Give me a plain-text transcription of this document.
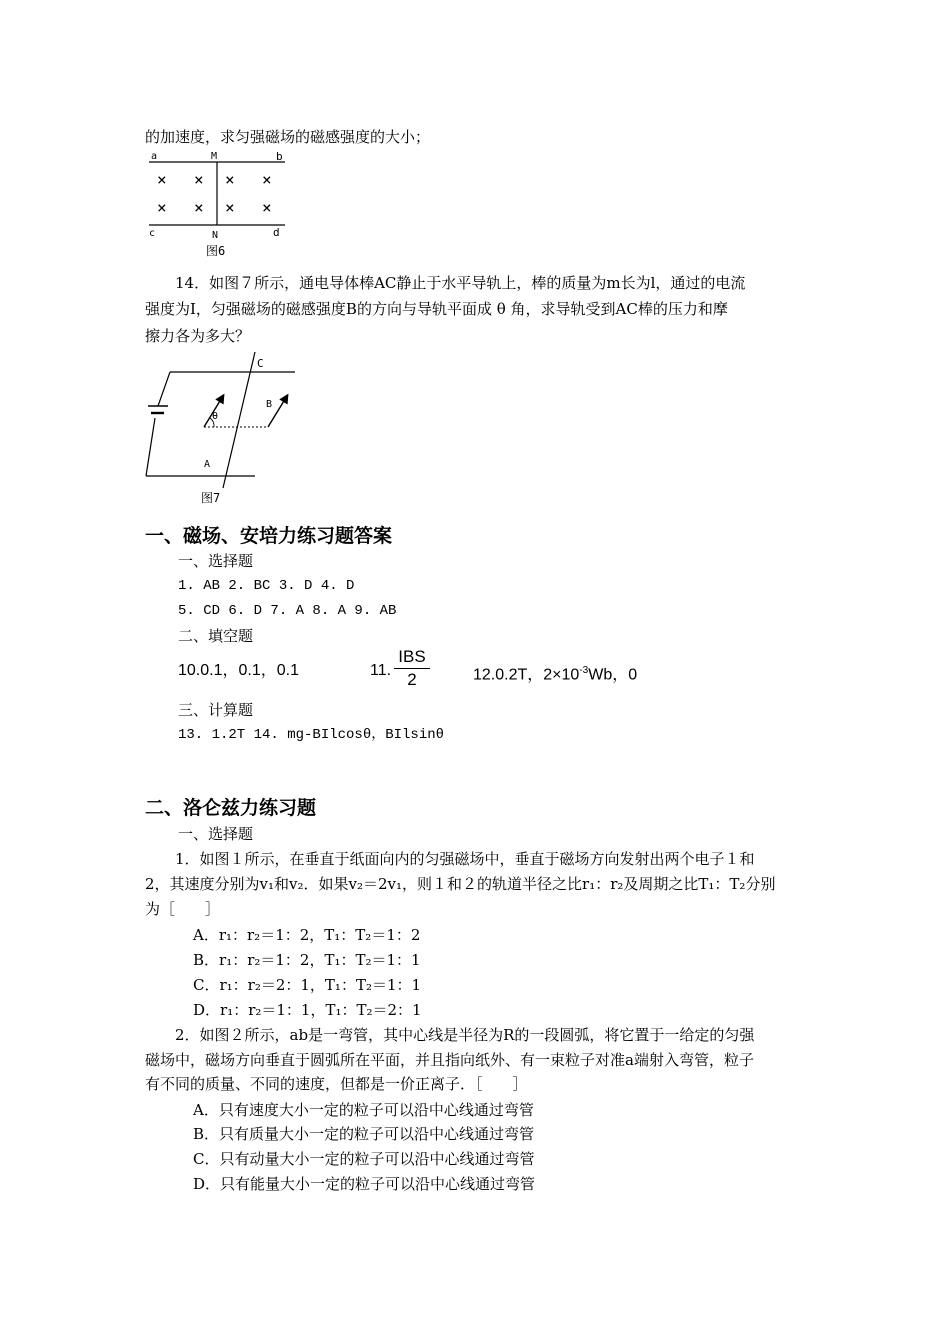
的加速度，求匀强磁场的磁感强度的大小；
a	M	b
c	N	d
× × × ×
× × × ×
图6
14．如图７所示，通电导体棒AC静止于水平导轨上，棒的质量为m长为l，通过的电流
强度为I，匀强磁场的磁感强度B的方向与导轨平面成 θ 角，求导轨受到AC棒的压力和摩
擦力各为多大？
C
θ
B
A
图7
一、磁场、安培力练习题答案
一、选择题
1. AB 2. BC 3. D 4. D
5. CD 6. D 7. A 8. A 9. AB
二、填空题
10.0.1，0.1，0.1	11.
IBS
2	12.0.2T，$2\times 10^{-3}Wb$，0
三、计算题
13. 1.2T 14. mg-BIlcosθ，BIlsinθ
二、洛仑兹力练习题
一、选择题
1．如图１所示，在垂直于纸面向内的匀强磁场中，垂直于磁场方向发射出两个电子１和
2，其速度分别为v₁和v₂．如果v₂＝2v₁，则１和２的轨道半径之比r₁：r₂及周期之比T₁：T₂分别
为［　　］
A．r₁：r₂＝1：2，T₁：T₂＝1：2
B．r₁：r₂＝1：2，T₁：T₂＝1：1
C．r₁：r₂＝2：1，T₁：T₂＝1：1
D．r₁：r₂＝1：1，T₁：T₂＝2：1
2．如图２所示，ab是一弯管，其中心线是半径为R的一段圆弧，将它置于一给定的匀强
磁场中，磁场方向垂直于圆弧所在平面，并且指向纸外、有一束粒子对准a端射入弯管，粒子
有不同的质量、不同的速度，但都是一价正离子．［　　］
A．只有速度大小一定的粒子可以沿中心线通过弯管
B．只有质量大小一定的粒子可以沿中心线通过弯管
C．只有动量大小一定的粒子可以沿中心线通过弯管
D．只有能量大小一定的粒子可以沿中心线通过弯管
